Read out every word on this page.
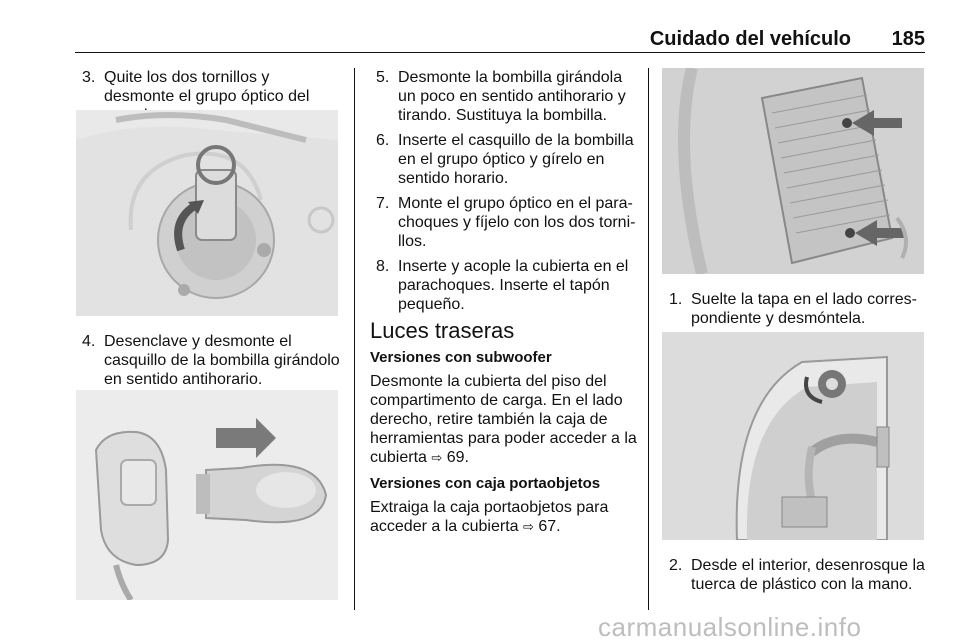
Cuidado del vehículo 185
3. Quite los dos tornillos y desmonte el grupo óptico del
4. Desenclave y desmonte el casquillo de la bombilla girándolo en sentido antihorario.
5. Desmonte la bombilla girándola un poco en sentido antihorario y tirando. Sustituya la bombilla.
6. Inserte el casquillo de la bombilla en el grupo óptico y gírelo en sentido horario.
7. Monte el grupo óptico en el para-choques y fíjelo con los dos torni-llos.
8. Inserte y acople la cubierta en el parachoques. Inserte el tapón pequeño.
Luces traseras

Versiones con subwoofer

Desmonte la cubierta del piso del compartimento de carga. En el lado derecho, retire también la caja de herramientas para poder acceder a la cubierta ⇨ 69.

Versiones con caja portaobjetos

Extraiga la caja portaobjetos para acceder a la cubierta ⇨ 67.

1. Suelte la tapa en el lado corres-pondiente y desmóntela.
2. Desde el interior, desenrosque la tuerca de plástico con la mano.
carmanualsonline.info
